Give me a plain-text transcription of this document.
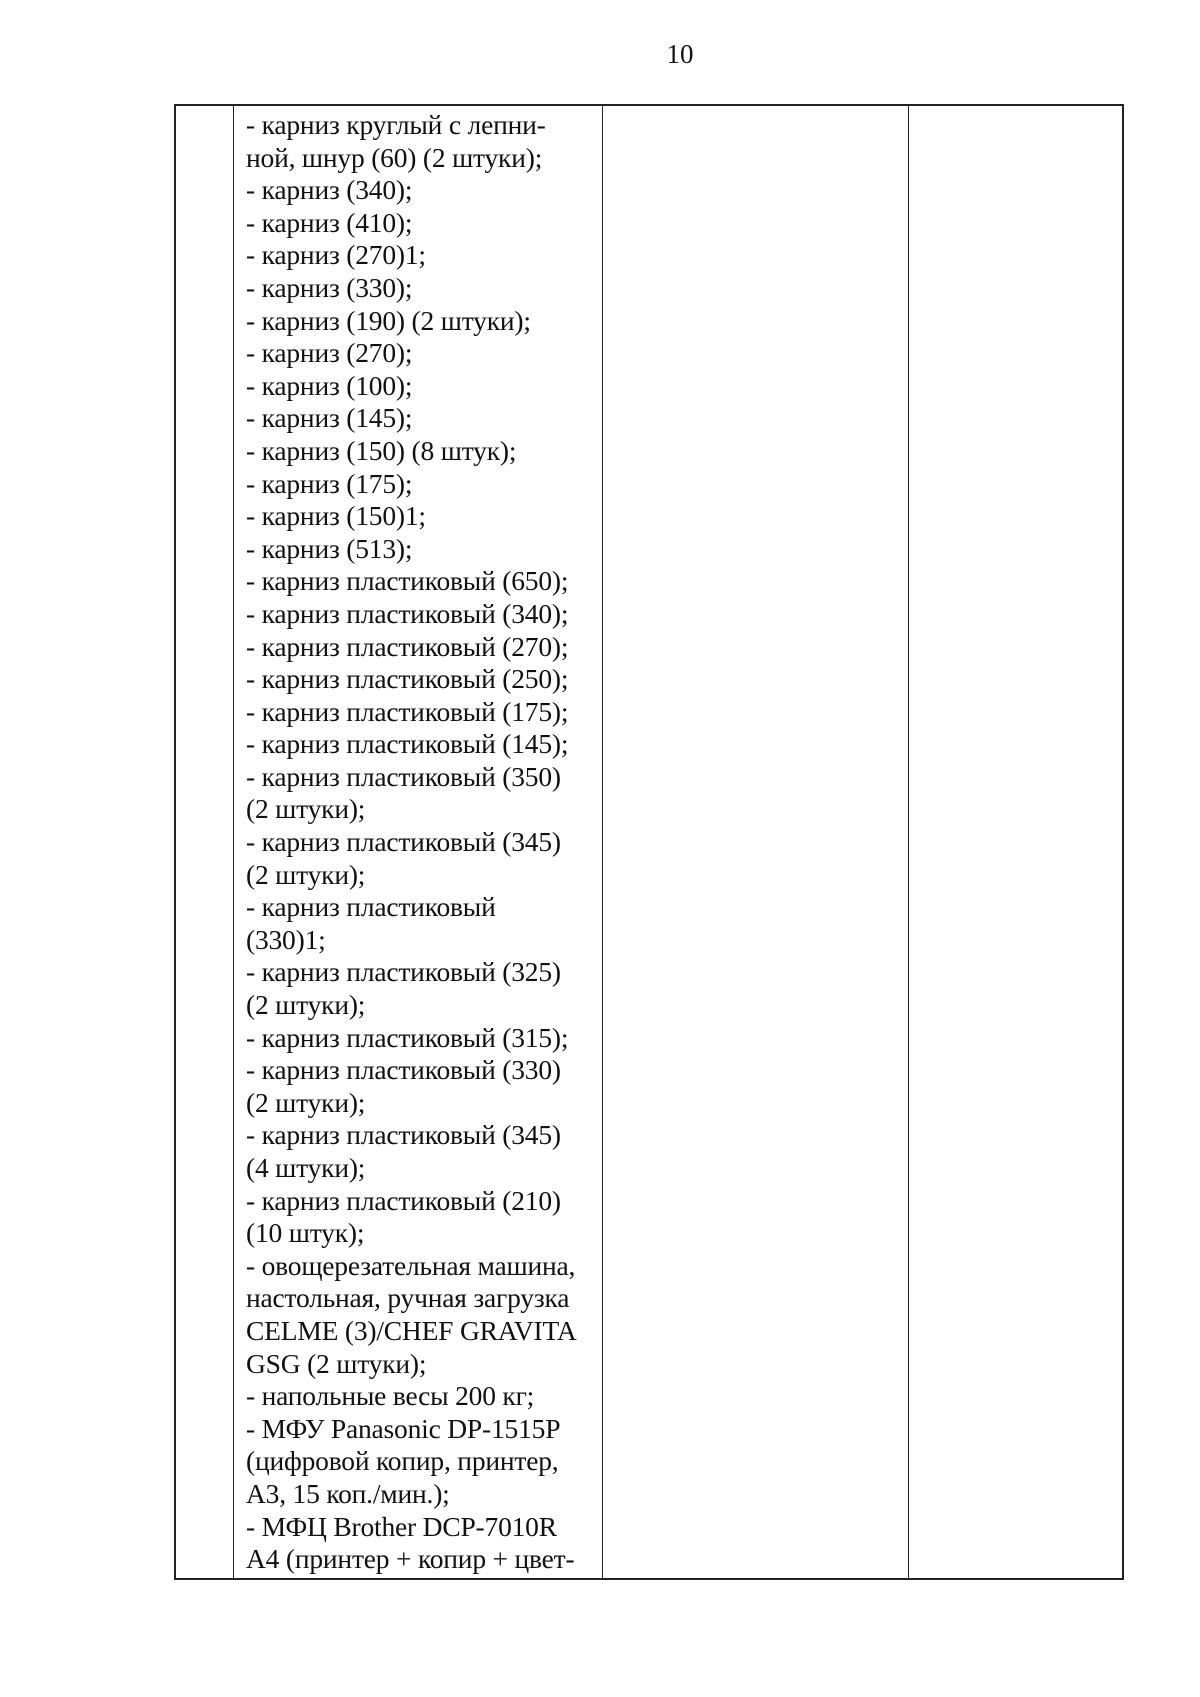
10

- карниз круглый с лепни-
ной, шнур (60) (2 штуки);
- карниз (340);
- карниз (410);
- карниз (270)1;
- карниз (330);
- карниз (190) (2 штуки);
- карниз (270);
- карниз (100);
- карниз (145);
- карниз (150) (8 штук);
- карниз (175);
- карниз (150)1;
- карниз (513);
- карниз пластиковый (650);
- карниз пластиковый (340);
- карниз пластиковый (270);
- карниз пластиковый (250);
- карниз пластиковый (175);
- карниз пластиковый (145);
- карниз пластиковый (350)
(2 штуки);
- карниз пластиковый (345)
(2 штуки);
- карниз пластиковый
(330)1;
- карниз пластиковый (325)
(2 штуки);
- карниз пластиковый (315);
- карниз пластиковый (330)
(2 штуки);
- карниз пластиковый (345)
(4 штуки);
- карниз пластиковый (210)
(10 штук);
- овощерезательная машина,
настольная, ручная загрузка
CELME (3)/CHEF GRAVITA
GSG (2 штуки);
- напольные весы 200 кг;
- МФУ Panasonic DP-1515P
(цифровой копир, принтер,
А3, 15 коп./мин.);
- МФЦ Brother DCP-7010R
А4 (принтер + копир + цвет-
